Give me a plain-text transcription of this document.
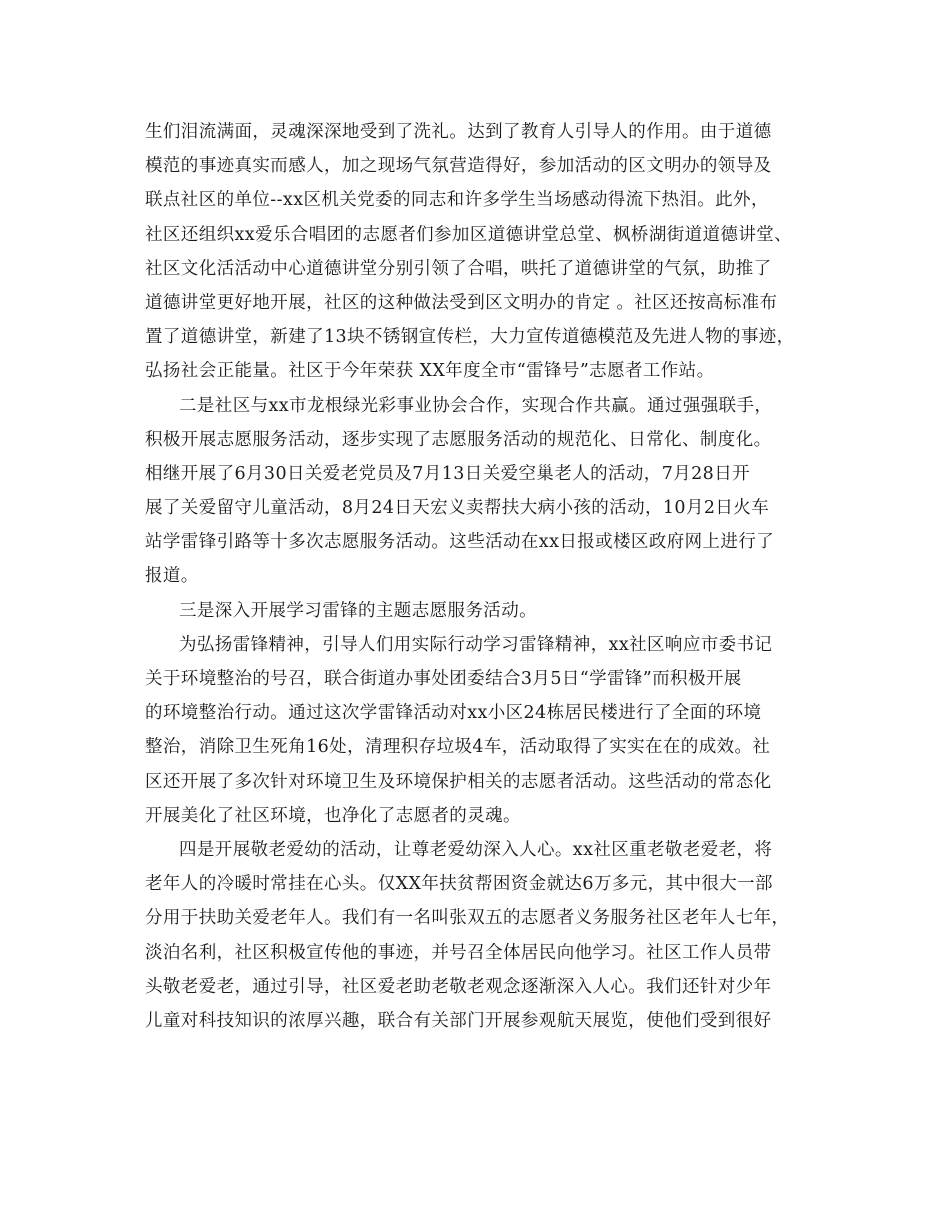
生们泪流满面，灵魂深深地受到了洗礼。达到了教育人引导人的作用。由于道德
模范的事迹真实而感人，加之现场气氛营造得好，参加活动的区文明办的领导及
联点社区的单位--xx区机关党委的同志和许多学生当场感动得流下热泪。此外，
社区还组织xx爱乐合唱团的志愿者们参加区道德讲堂总堂、枫桥湖街道道德讲堂、
社区文化活活动中心道德讲堂分别引领了合唱，哄托了道德讲堂的气氛，助推了
道德讲堂更好地开展，社区的这种做法受到区文明办的肯定 。社区还按高标准布
置了道德讲堂，新建了13块不锈钢宣传栏，大力宣传道德模范及先进人物的事迹，
弘扬社会正能量。社区于今年荣获 XX年度全市“雷锋号”志愿者工作站。
二是社区与xx市龙根绿光彩事业协会合作，实现合作共赢。通过强强联手，
积极开展志愿服务活动，逐步实现了志愿服务活动的规范化、日常化、制度化。
相继开展了6月30日关爱老党员及7月13日关爱空巢老人的活动，7月28日开
展了关爱留守儿童活动，8月24日天宏义卖帮扶大病小孩的活动，10月2日火车
站学雷锋引路等十多次志愿服务活动。这些活动在xx日报或楼区政府网上进行了
报道。
三是深入开展学习雷锋的主题志愿服务活动。
为弘扬雷锋精神，引导人们用实际行动学习雷锋精神，xx社区响应市委书记
关于环境整治的号召，联合街道办事处团委结合3月5日“学雷锋”而积极开展
的环境整治行动。通过这次学雷锋活动对xx小区24栋居民楼进行了全面的环境
整治，消除卫生死角16处，清理积存垃圾4车，活动取得了实实在在的成效。社
区还开展了多次针对环境卫生及环境保护相关的志愿者活动。这些活动的常态化
开展美化了社区环境，也净化了志愿者的灵魂。
四是开展敬老爱幼的活动，让尊老爱幼深入人心。xx社区重老敬老爱老，将
老年人的冷暖时常挂在心头。仅XX年扶贫帮困资金就达6万多元，其中很大一部
分用于扶助关爱老年人。我们有一名叫张双五的志愿者义务服务社区老年人七年，
淡泊名利，社区积极宣传他的事迹，并号召全体居民向他学习。社区工作人员带
头敬老爱老，通过引导，社区爱老助老敬老观念逐渐深入人心。我们还针对少年
儿童对科技知识的浓厚兴趣，联合有关部门开展参观航天展览，使他们受到很好
